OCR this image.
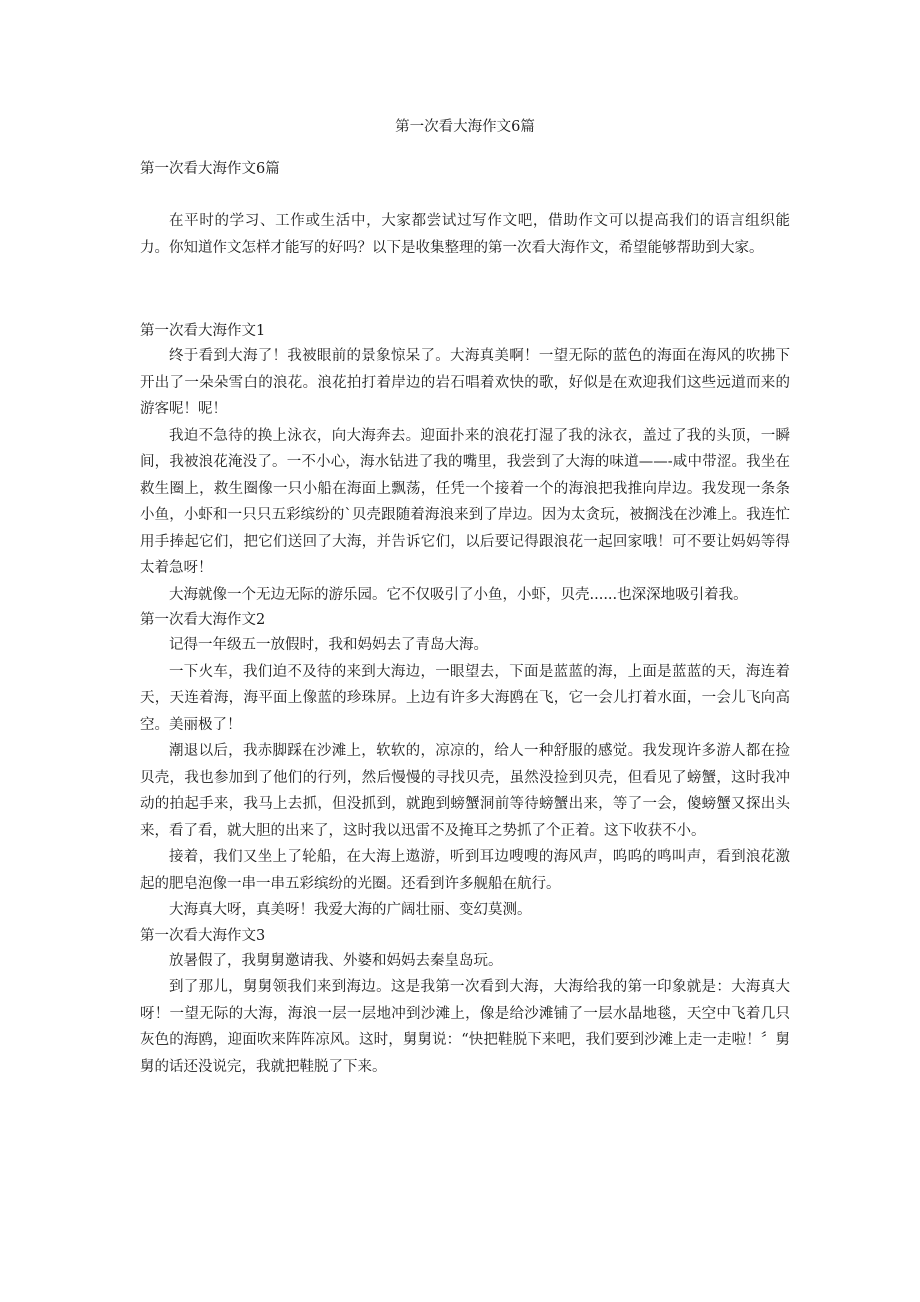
第一次看大海作文6篇
第一次看大海作文6篇

在平时的学习、工作或生活中，大家都尝试过写作文吧，借助作文可以提高我们的语言组织能力。你知道作文怎样才能写的好吗？以下是收集整理的第一次看大海作文，希望能够帮助到大家。

第一次看大海作文1

终于看到大海了！我被眼前的景象惊呆了。大海真美啊！一望无际的蓝色的海面在海风的吹拂下开出了一朵朵雪白的浪花。浪花拍打着岸边的岩石唱着欢快的歌，好似是在欢迎我们这些远道而来的游客呢！呢！

我迫不急待的换上泳衣，向大海奔去。迎面扑来的浪花打湿了我的泳衣，盖过了我的头顶，一瞬间，我被浪花淹没了。一不小心，海水钻进了我的嘴里，我尝到了大海的味道——-咸中带涩。我坐在救生圈上，救生圈像一只小船在海面上飘荡，任凭一个接着一个的海浪把我推向岸边。我发现一条条小鱼，小虾和一只只五彩缤纷的`贝壳跟随着海浪来到了岸边。因为太贪玩，被搁浅在沙滩上。我连忙用手捧起它们，把它们送回了大海，并告诉它们，以后要记得跟浪花一起回家哦！可不要让妈妈等得太着急呀！

大海就像一个无边无际的游乐园。它不仅吸引了小鱼，小虾，贝壳......也深深地吸引着我。

第一次看大海作文2

记得一年级五一放假时，我和妈妈去了青岛大海。

一下火车，我们迫不及待的来到大海边，一眼望去，下面是蓝蓝的海，上面是蓝蓝的天，海连着天，天连着海，海平面上像蓝的珍珠屏。上边有许多大海鸥在飞，它一会儿打着水面，一会儿飞向高空。美丽极了！

潮退以后，我赤脚踩在沙滩上，软软的，凉凉的，给人一种舒服的感觉。我发现许多游人都在捡贝壳，我也参加到了他们的行列，然后慢慢的寻找贝壳，虽然没捡到贝壳，但看见了螃蟹，这时我冲动的拍起手来，我马上去抓，但没抓到，就跑到螃蟹洞前等待螃蟹出来，等了一会，傻螃蟹又探出头来，看了看，就大胆的出来了，这时我以迅雷不及掩耳之势抓了个正着。这下收获不小。

接着，我们又坐上了轮船，在大海上遨游，听到耳边嗖嗖的海风声，呜呜的鸣叫声，看到浪花激起的肥皂泡像一串一串五彩缤纷的光圈。还看到许多舰船在航行。

大海真大呀，真美呀！我爱大海的广阔壮丽、变幻莫测。

第一次看大海作文3

放暑假了，我舅舅邀请我、外婆和妈妈去秦皇岛玩。

到了那儿，舅舅领我们来到海边。这是我第一次看到大海，大海给我的第一印象就是：大海真大呀！一望无际的大海，海浪一层一层地冲到沙滩上，像是给沙滩铺了一层水晶地毯，天空中飞着几只灰色的海鸥，迎面吹来阵阵凉风。这时，舅舅说：“快把鞋脱下来吧，我们要到沙滩上走一走啦！〞舅舅的话还没说完，我就把鞋脱了下来。
